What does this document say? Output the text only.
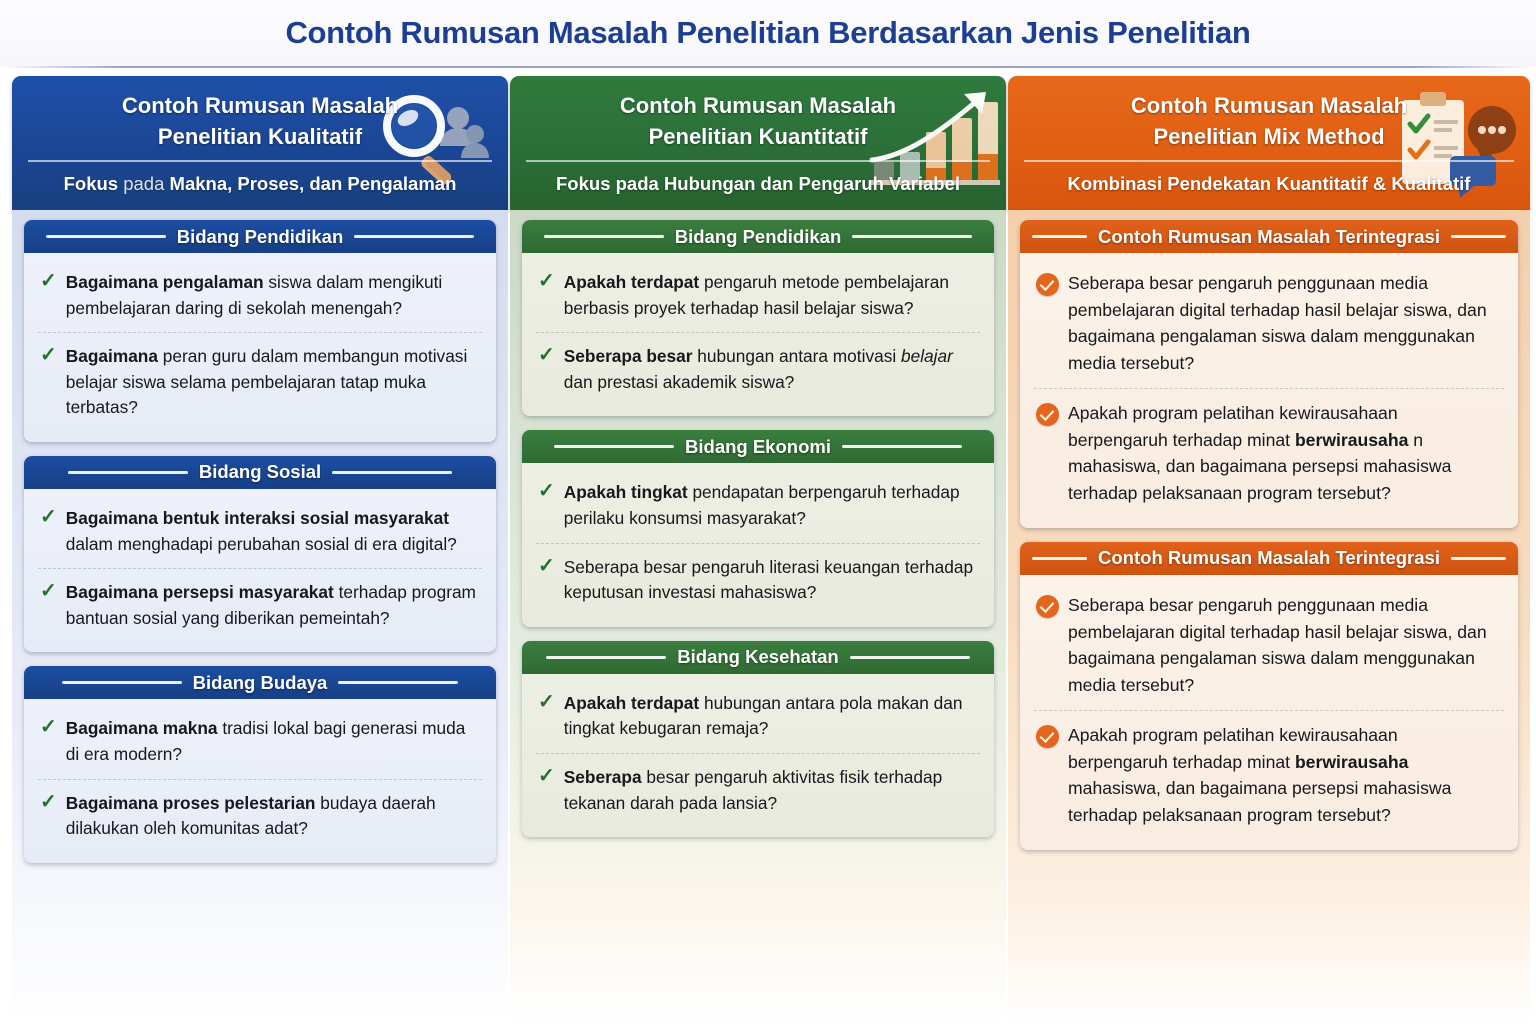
Contoh Rumusan Masalah Penelitian Berdasarkan Jenis Penelitian
Contoh Rumusan Masalah
Penelitian Kualitatif
Fokus pada Makna, Proses, dan Pengalaman
Bidang Pendidikan
✓ Bagaimana pengalaman siswa dalam mengikuti pembelajaran daring di sekolah menengah?
✓ Bagaimana peran guru dalam membangun motivasi belajar siswa selama pembelajaran tatap muka terbatas?
Bidang Sosial
✓ Bagaimana bentuk interaksi sosial masyarakat dalam menghadapi perubahan sosial di era digital?
✓ Bagaimana persepsi masyarakat terhadap program bantuan sosial yang diberikan pemeintah?
Bidang Budaya
✓ Bagaimana makna tradisi lokal bagi generasi muda di era modern?
✓ Bagaimana proses pelestarian budaya daerah dilakukan oleh komunitas adat?
Contoh Rumusan Masalah
Penelitian Kuantitatif
Fokus pada Hubungan dan Pengaruh Variabel
Bidang Pendidikan
✓ Apakah terdapat pengaruh metode pembelajaran berbasis proyek terhadap hasil belajar siswa?
✓ Seberapa besar hubungan antara motivasi belajar dan prestasi akademik siswa?
Bidang Ekonomi
✓ Apakah tingkat pendapatan berpengaruh terhadap perilaku konsumsi masyarakat?
✓ Seberapa besar pengaruh literasi keuangan terhadap keputusan investasi mahasiswa?
Bidang Kesehatan
✓ Apakah terdapat hubungan antara pola makan dan tingkat kebugaran remaja?
✓ Seberapa besar pengaruh aktivitas fisik terhadap tekanan darah pada lansia?
Contoh Rumusan Masalah
Penelitian Mix Method
Kombinasi Pendekatan Kuantitatif & Kualitatif
Contoh Rumusan Masalah Terintegrasi
Seberapa besar pengaruh penggunaan media pembelajaran digital terhadap hasil belajar siswa, dan bagaimana pengalaman siswa dalam menggunakan media tersebut?
Apakah program pelatihan kewirausahaan berpengaruh terhadap minat berwirausaha n mahasiswa, dan bagaimana persepsi mahasiswa terhadap pelaksanaan program tersebut?
Contoh Rumusan Masalah Terintegrasi
Seberapa besar pengaruh penggunaan media pembelajaran digital terhadap hasil belajar siswa, dan bagaimana pengalaman siswa dalam menggunakan media tersebut?
Apakah program pelatihan kewirausahaan berpengaruh terhadap minat berwirausaha mahasiswa, dan bagaimana persepsi mahasiswa terhadap pelaksanaan program tersebut?
